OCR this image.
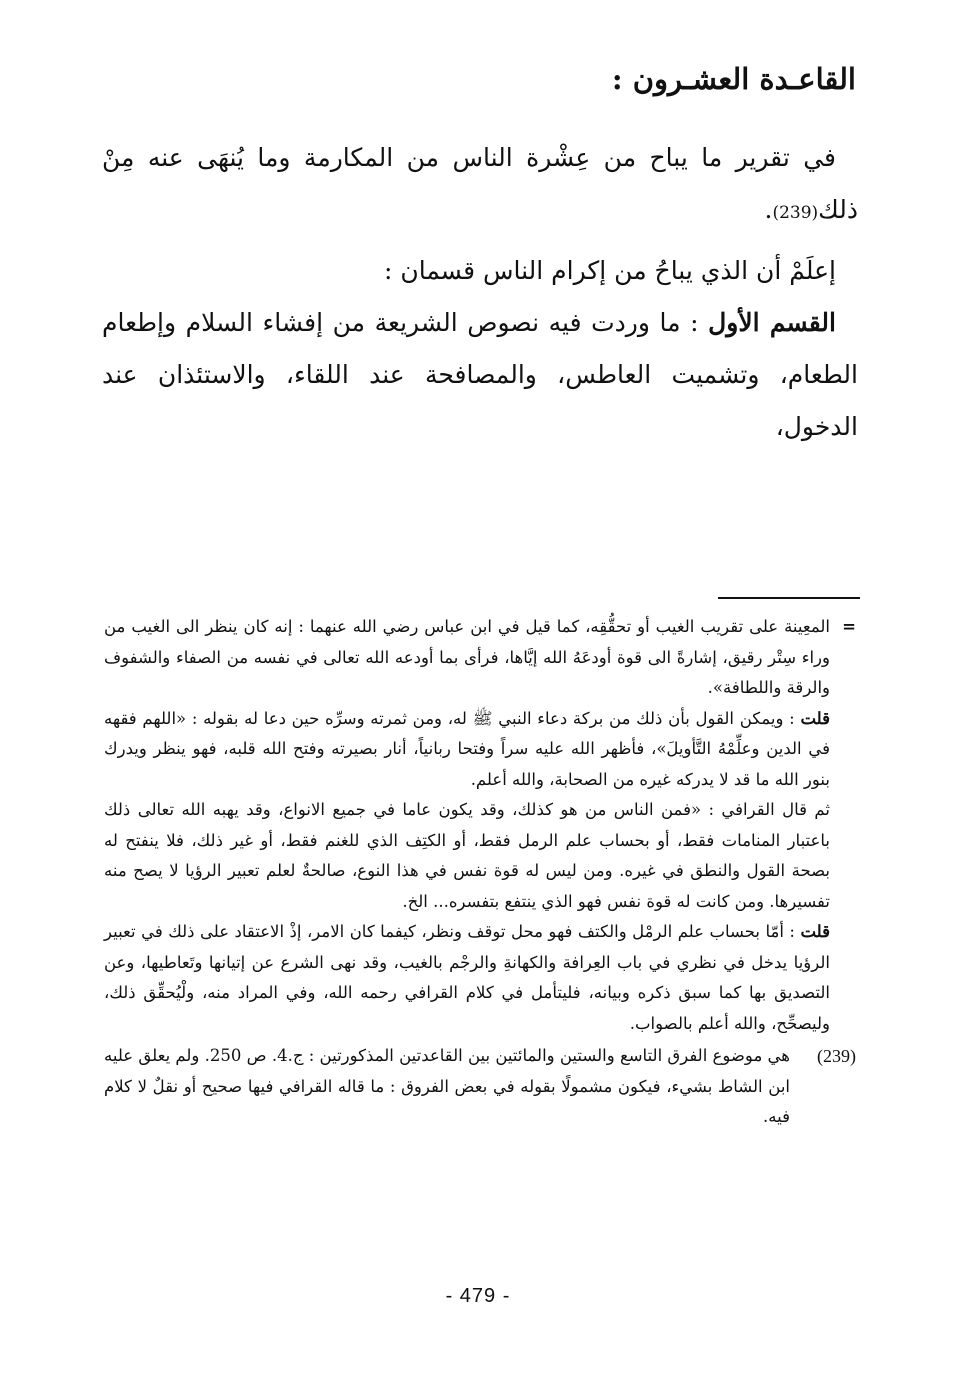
القاعـدة العشـرون :

في تقرير ما يباح من عِشْرة الناس من المكارمة وما يُنهَى عنه مِنْ ذلك(239).

إعلَمْ أن الذي يباحُ من إكرام الناس قسمان :

القسم الأول : ما وردت فيه نصوص الشريعة من إفشاء السلام وإطعام الطعام، وتشميت العاطس، والمصافحة عند اللقاء، والاستئذان عند الدخول،

=

المعِينة على تقريب الغيب أو تحقُّقِه، كما قيل في ابن عباس رضي الله عنهما : إنه كان ينظر الى الغيب من وراء سِتْر رقيق، إشارةً الى قوة أودعَهُ الله إيَّاها، فرأى بما أودعه الله تعالى في نفسه من الصفاء والشفوف والرقة واللطافة».

قلت : ويمكن القول بأن ذلك من بركة دعاء النبي ﷺ له، ومن ثمرته وسرِّه حين دعا له بقوله : «اللهم فقهه في الدين وعلِّمْهُ التَّأويلَ»، فأظهر الله عليه سراً وفتحا ربانياً، أنار بصيرته وفتح الله قلبه، فهو ينظر ويدرك بنور الله ما قد لا يدركه غيره من الصحابة، والله أعلم.

ثم قال القرافي : «فمن الناس من هو كذلك، وقد يكون عاما في جميع الانواع، وقد يهبه الله تعالى ذلك باعتبار المنامات فقط، أو بحساب علم الرمل فقط، أو الكتِف الذي للغنم فقط، أو غير ذلك، فلا ينفتح له بصحة القول والنطق في غيره. ومن ليس له قوة نفس في هذا النوع، صالحةٌ لعلم تعبير الرؤيا لا يصح منه تفسيرها. ومن كانت له قوة نفس فهو الذي ينتفع بتفسره... الخ.

قلت : أمّا بحساب علم الرمْل والكتف فهو محل توقف ونظر، كيفما كان الامر، إذْ الاعتقاد على ذلك في تعبير الرؤيا يدخل في نظري في باب العِرافة والكهانةِ والرجْم بالغيب، وقد نهى الشرع عن إتيانها وتَعاطيها، وعن التصديق بها كما سبق ذكره وبيانه، فليتأمل في كلام القرافي رحمه الله، وفي المراد منه، ولْيُحقِّق ذلك، وليصحِّح، والله أعلم بالصواب.

(239)

هي موضوع الفرق التاسع والستين والمائتين بين القاعدتين المذكورتين : ج.4. ص 250. ولم يعلق عليه ابن الشاط بشيء، فيكون مشمولًا بقوله في بعض الفروق : ما قاله القرافي فيها صحيح أو نقلٌ لا كلام فيه.

- 479 -
